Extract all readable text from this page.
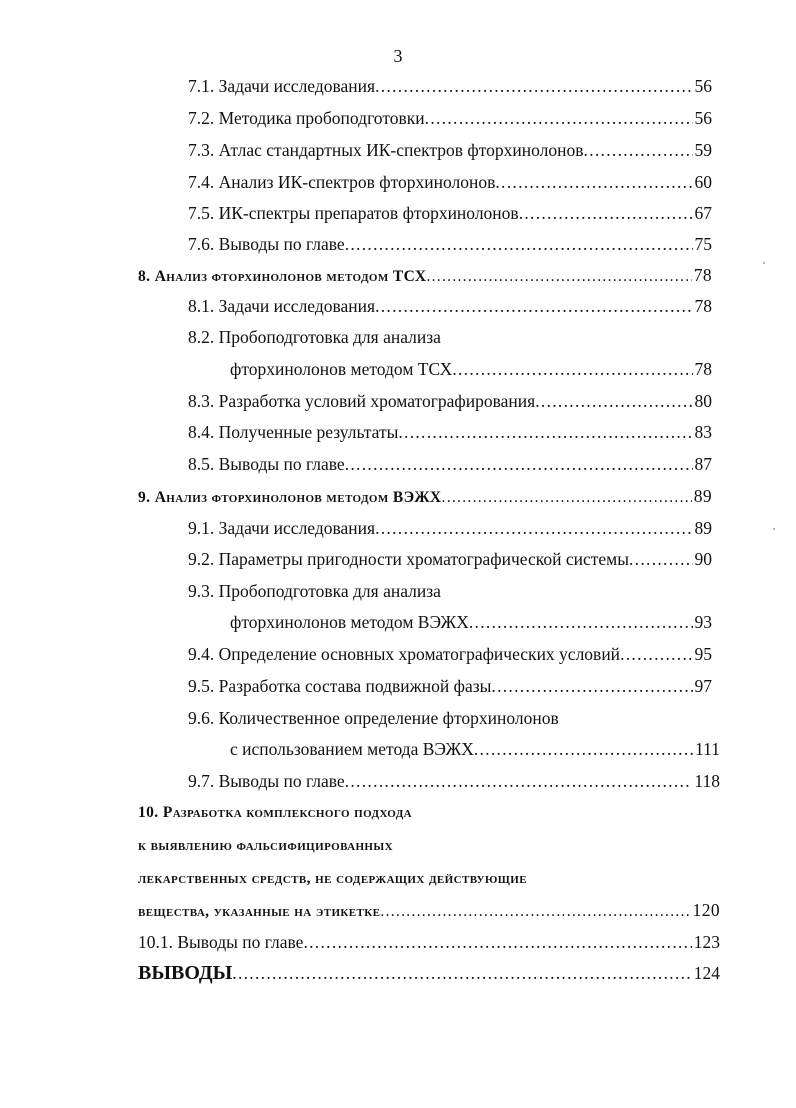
3
7.1. Задачи исследования .....	56
7.2. Методика пробоподготовки .....	56
7.3. Атлас стандартных ИК-спектров фторхинолонов .....	59
7.4. Анализ ИК-спектров фторхинолонов .....	60
7.5. ИК-спектры препаратов фторхинолонов .....	67
7.6. Выводы по главе .....	75
8. Анализ фторхинолонов методом ТСХ .....	78
8.1. Задачи исследования .....	78
8.2. Пробоподготовка для анализа
фторхинолонов методом ТСХ .....	78
8.3. Разработка условий хроматографирования .....	80
8.4. Полученные результаты .....	83
8.5. Выводы по главе .....	87
9. Анализ фторхинолонов методом ВЭЖХ .....	89
9.1. Задачи исследования .....	89
9.2. Параметры пригодности хроматографической системы .....	90
9.3. Пробоподготовка для анализа
фторхинолонов методом ВЭЖХ .....	93
9.4. Определение основных хроматографических условий .....	95
9.5. Разработка состава подвижной фазы .....	97
9.6. Количественное определение фторхинолонов
с использованием метода ВЭЖХ .....	111
9.7. Выводы по главе .....	118
10. Разработка комплексного подхода
к выявлению фальсифицированных
лекарственных средств, не содержащих действующие
вещества, указанные на этикетке .....	120
10.1. Выводы по главе .....	123
ВЫВОДЫ .....	124
